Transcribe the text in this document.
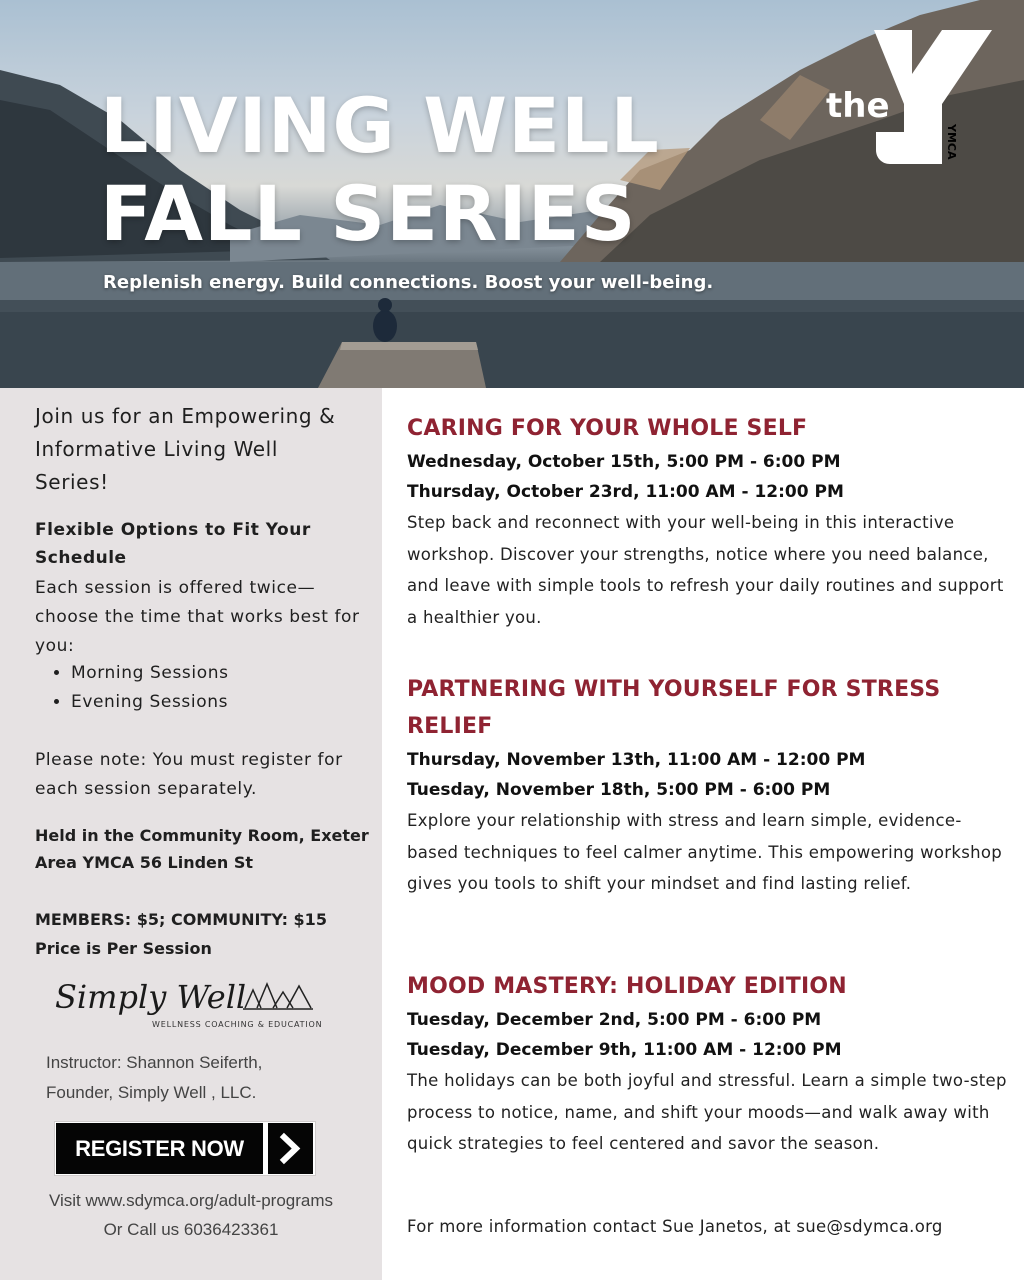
LIVING WELL
FALL SERIES
Replenish energy. Build connections. Boost your well-being.
the
YMCA

Join us for an Empowering & Informative Living Well Series!

Flexible Options to Fit Your Schedule

Each session is offered twice—choose the time that works best for you:

• Morning Sessions
• Evening Sessions

Please note: You must register for each session separately.

Held in the Community Room, Exeter Area YMCA 56 Linden St

MEMBERS: $5; COMMUNITY: $15
Price is Per Session

Simply Well
WELLNESS COACHING & EDUCATION

Instructor: Shannon Seiferth,
Founder, Simply Well , LLC.

REGISTER NOW

Visit www.sdymca.org/adult-programs
Or Call us 6036423361

CARING FOR YOUR WHOLE SELF

Wednesday, October 15th, 5:00 PM - 6:00 PM

Thursday, October 23rd, 11:00 AM - 12:00 PM

Step back and reconnect with your well-being in this interactive workshop. Discover your strengths, notice where you need balance, and leave with simple tools to refresh your daily routines and support a healthier you.

PARTNERING WITH YOURSELF FOR STRESS RELIEF

Thursday, November 13th, 11:00 AM - 12:00 PM

Tuesday, November 18th, 5:00 PM - 6:00 PM

Explore your relationship with stress and learn simple, evidence-based techniques to feel calmer anytime. This empowering workshop gives you tools to shift your mindset and find lasting relief.

MOOD MASTERY: HOLIDAY EDITION

Tuesday, December 2nd, 5:00 PM - 6:00 PM

Tuesday, December 9th, 11:00 AM - 12:00 PM

The holidays can be both joyful and stressful. Learn a simple two-step process to notice, name, and shift your moods—and walk away with quick strategies to feel centered and savor the season.

For more information contact Sue Janetos, at sue@sdymca.org
